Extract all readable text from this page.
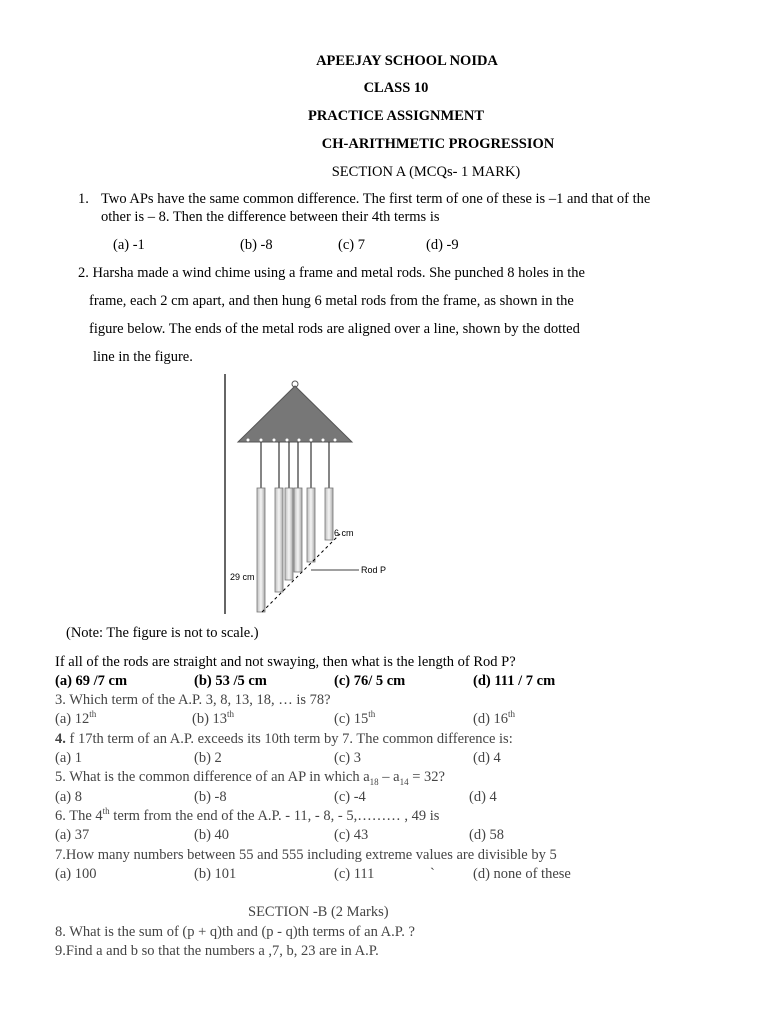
APEEJAY SCHOOL NOIDA
CLASS 10
PRACTICE ASSIGNMENT
CH-ARITHMETIC PROGRESSION
SECTION A (MCQs- 1 MARK)
1. Two APs have the same common difference. The first term of one of these is –1 and that of the
other is – 8. Then the difference between their 4th terms is
(a) -1	(b) -8	(c) 7	(d) -9
2. Harsha made a wind chime using a frame and metal rods. She punched 8 holes in the
frame, each 2 cm apart, and then hung 6 metal rods from the frame, as shown in the
figure below. The ends of the metal rods are aligned over a line, shown by the dotted
line in the figure.
6 cm
29 cm
Rod P
(Note: The figure is not to scale.)
If all of the rods are straight and not swaying, then what is the length of Rod P?
(a) 69 /7 cm	(b) 53 /5 cm	(c) 76/ 5 cm	(d) 111 / 7 cm
3. Which term of the A.P. 3, 8, 13, 18, … is 78?
(a) 12th	(b) 13th	(c) 15th	(d) 16th
4. f 17th term of an A.P. exceeds its 10th term by 7. The common difference is:
(a) 1	(b) 2	(c) 3	(d) 4
5. What is the common difference of an AP in which $a_{18} - a_{14} = 32$?
(a) 8	(b) -8	(c) -4	(d) 4
6. The 4th term from the end of the A.P. - 11, - 8, - 5,……… , 49 is
(a) 37	(b) 40	(c) 43	(d) 58
7.How many numbers between 55 and 555 including extreme values are divisible by 5
(a) 100	(b) 101	(c) 111	`	(d) none of these
SECTION -B (2 Marks)
8. What is the sum of (p + q)th and (p - q)th terms of an A.P. ?
9.Find a and b so that the numbers a ,7, b, 23 are in A.P.
